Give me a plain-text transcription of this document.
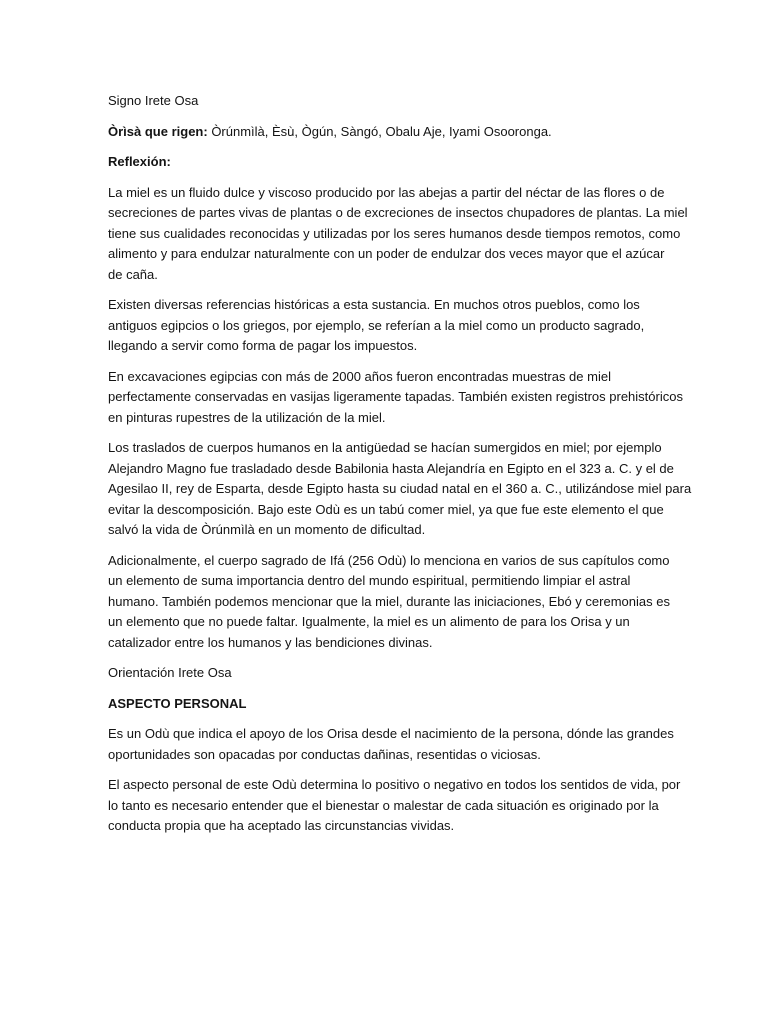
Signo Irete Osa

Òrìsà que rigen: Òrúnmìlà, Èsù, Ògún, Sàngó, Obalu Aje, Iyami Osooronga.

Reflexión:

La miel es un fluido dulce y viscoso producido por las abejas a partir del néctar de las flores o de
secreciones de partes vivas de plantas o de excreciones de insectos chupadores de plantas. La miel
tiene sus cualidades reconocidas y utilizadas por los seres humanos desde tiempos remotos, como
alimento y para endulzar naturalmente con un poder de endulzar dos veces mayor que el azúcar
de caña.

Existen diversas referencias históricas a esta sustancia. En muchos otros pueblos, como los
antiguos egipcios o los griegos, por ejemplo, se referían a la miel como un producto sagrado,
llegando a servir como forma de pagar los impuestos.

En excavaciones egipcias con más de 2000 años fueron encontradas muestras de miel
perfectamente conservadas en vasijas ligeramente tapadas. También existen registros prehistóricos
en pinturas rupestres de la utilización de la miel.

Los traslados de cuerpos humanos en la antigüedad se hacían sumergidos en miel; por ejemplo
Alejandro Magno fue trasladado desde Babilonia hasta Alejandría en Egipto en el 323 a. C. y el de
Agesilao II, rey de Esparta, desde Egipto hasta su ciudad natal en el 360 a. C., utilizándose miel para
evitar la descomposición. Bajo este Odù es un tabú comer miel, ya que fue este elemento el que
salvó la vida de Òrúnmìlà en un momento de dificultad.

Adicionalmente, el cuerpo sagrado de Ifá (256 Odù) lo menciona en varios de sus capítulos como
un elemento de suma importancia dentro del mundo espiritual, permitiendo limpiar el astral
humano. También podemos mencionar que la miel, durante las iniciaciones, Ebó y ceremonias es
un elemento que no puede faltar. Igualmente, la miel es un alimento de para los Orisa y un
catalizador entre los humanos y las bendiciones divinas.

Orientación Irete Osa

ASPECTO PERSONAL

Es un Odù que indica el apoyo de los Orisa desde el nacimiento de la persona, dónde las grandes
oportunidades son opacadas por conductas dañinas, resentidas o viciosas.

El aspecto personal de este Odù determina lo positivo o negativo en todos los sentidos de vida, por
lo tanto es necesario entender que el bienestar o malestar de cada situación es originado por la
conducta propia que ha aceptado las circunstancias vividas.
